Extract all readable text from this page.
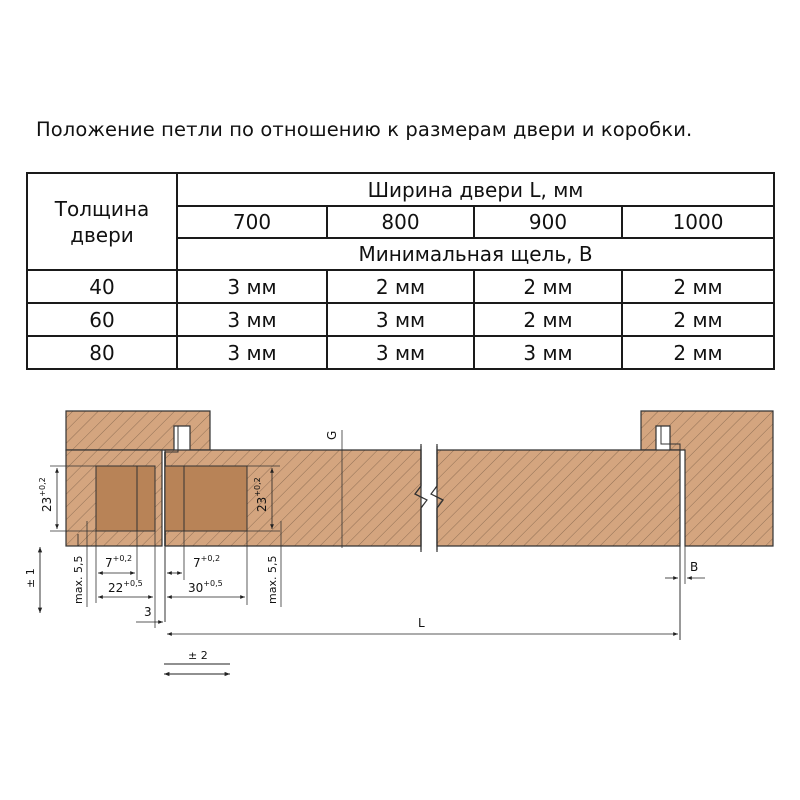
Положение петли по отношению к размерам двери и коробки.
Толщина
двери	Ширина двери L, мм			
	700	800	900	1000
	Минимальная щель, B			
40	3 мм	2 мм	2 мм	2 мм
60	3 мм	3 мм	2 мм	2 мм
80	3 мм	3 мм	3 мм	2 мм
$23^{+0,2}$
$23^{+0,2}$
G
max. 5,5	max. 5,5
± 1
$7^{+0,2}$
$22^{+0,5}$
$7^{+0,2}$
$30^{+0,5}$
3
L
B
± 2
